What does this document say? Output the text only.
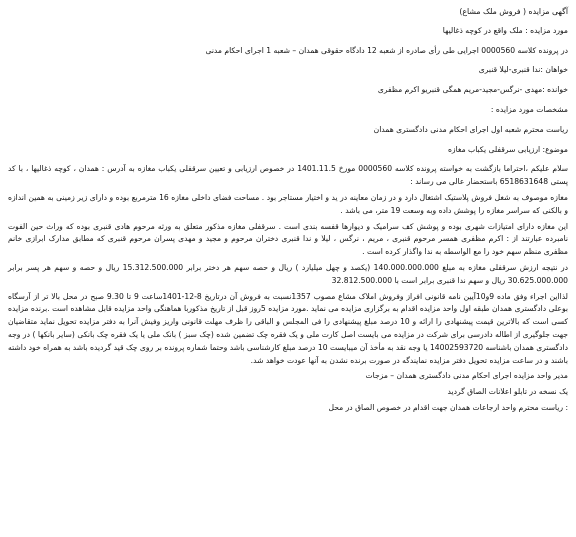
آگهی مزایده ( فروش ملک مشاع)

مورد مزایده : ملک واقع در کوچه ذغالیها

در پرونده کلاسه 0000560 اجرایی طی رأی صادره از شعبه 12 دادگاه حقوقی همدان – شعبه 1 اجرای احکام مدنی

خواهان :ندا قنبری-لیلا قنبری

خوانده :مهدی -نرگس-مجید-مریم همگی قنبریو اکرم مظفری

مشخصات مورد مزایده :

ریاست محترم شعبه اول اجرای احکام مدنی دادگستری همدان

موضوع: ارزیابی سرقفلی یکباب مغازه

سلام علیکم ،احتراما بازگشت به خواسته پرونده کلاسه 0000560 مورخ 1401.11.5 در خصوص ارزیابی و تعیین سرقفلی یکباب مغازه به آدرس : همدان ، کوچه ذغالیها ، با کد پستی 6518631648 باستحضار عالی می رساند :

مغازه موصوف به شغل فروش پلاستیک اشتغال دارد و در زمان معاینه در ید و اختیار مستاجر بود . مساحت فضای داخلی مغازه 16 مترمربع بوده و دارای زیر زمینی به همین اندازه و بالکنی که سراسر مغازه را پوشش داده وبه وسعت 19 متر، می باشد .

این مغازه دارای امتیازات شهری بوده و پوشش کف سرامیک و دیوارها قفسه بندی است . سرقفلی مغازه مذکور متعلق به ورثه مرحوم هادی قنبری بوده که وراث حین الفوت نامبرده عبارتند از : اکرم مظفری همسر مرحوم قنبری ، مریم ، نرگس ، لیلا و ندا قنبری دختران مرحوم و مجید و مهدی پسران مرحوم قنبری که مطابق مدارک ابرازی خانم مظفری منظم سهم خود را مع الواسطه به ندا واگذار کرده است .

در نتیجه ارزش سرقفلی مغازه به مبلغ 140.000.000.000 (یکصد و چهل میلیارد ) ریال و حصه سهم هر دختر برابر 15.312.500.000 ریال و حصه و سهم هر پسر برابر 30.625.000.000 ریال و سهم ندا قنبری برابر است با 32.812.500.000

لذااین اجراء وفق ماده 9و10آیین نامه قانونی افراز وفروش املاک مشاع مصوب 1357نسبت به فروش آن درتاریخ 8-12-1401ساعت 9 تا 9.30 صبح در محل بالا تر از آرسگاه بوعلی دادگستری همدان طبقه اول واحد مزایده اقدام به برگزاری مزایده می نماید .مورد مزایده 5روز قبل از تاریخ مذکوربا هماهنگی واحد مزایده قابل مشاهده است .برنده مزایده کسی است که بالاترین قیمت پیشنهادی را ارائه و 10 درصد مبلغ پیشنهادی را فی المجلس و الباقی را ظرف مهلت قانونی واریز وفیش آنرا به دفتر مزایده تحویل نماید متقاضیان جهت جلوگیری از اطاله دادرسی برای شرکت در مزایده می بایست اصل کارت ملی و یک فقره چک تضمین شده (چک سبز ) بانک ملی یا یک فقره چک بانکی (سایر بانکها ) در وجه دادگستری همدان باشناسه 14002593720 یا وجه نقد به مأخذ آن میبایست 10 درصد مبلغ کارشناسی باشد وحتما شماره پرونده بر روی چک قید گردیده باشد به همراه خود داشته باشند و در ساعت مزایده تحویل دفتر مزایده نمایندگه در صورت برنده نشدن به آنها عودت خواهد شد.

مدیر واحد مزایده اجرای احکام مدنی دادگستری همدان – مزجات

یک نسخه در تابلو اعلانات الصاق گردید

: ریاست محترم واحد ارجاعات همدان جهت اقدام در خصوص الصاق در محل
